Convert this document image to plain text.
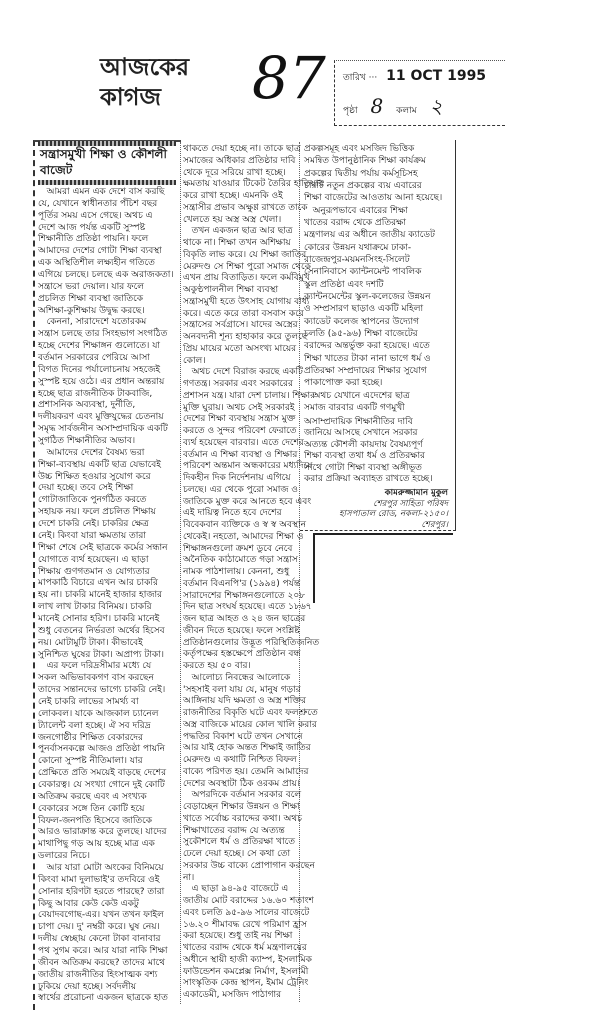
আজকের কাগজ	87 তারিখ ··· 11 OCT 1995
পৃষ্ঠা 8 কলাম ২
সন্ত্রাসমুখী শিক্ষা ও কৌশলী
বাজেট
আমরা এমন এক দেশে বাস করছি
যে, যেখানে স্বাধীনতার পঁচিশ বছর
পূর্তির সময় এসে গেছে। অথচ এ
দেশে আজ পর্যন্ত একটি সুস্পষ্ট
শিক্ষানীতি প্রতিষ্ঠা পায়নি। ফলে
আমাদের দেশের গোটা শিক্ষা ব্যবস্থা
এক অস্থিতিশীল লক্ষ্যহীন গতিতে
এগিয়ে চলছে। চলছে এক অরাজকতা।
সন্ত্রাসে ভরা দেয়াল। যার ফলে
প্রচলিত শিক্ষা ব্যবস্থা জাতিকে
অশিক্ষা-কুশিক্ষায় উদ্বুদ্ধ করছে।
কেননা, সারাদেশে যতোরকম
সন্ত্রাস চলছে তার সিংহভাগ সংগঠিত
হচ্ছে দেশের শিক্ষাঙ্গন গুলোতে। যা
বর্তমান সরকারের পেরিয়ে আসা
বিগত দিনের পর্যালোচনায় সহজেই
সুস্পষ্ট হয়ে ওঠে। এর প্রধান অন্তরায়
হচ্ছে ছাত্র রাজনীতিক টাকবাজি,
প্রশাসনিক অব্যবস্থা, দুর্নীতি,
দলীয়করণ এবং মুক্তিযুদ্ধের চেতনায়
সমৃদ্ধ সার্বজনীন অসাম্প্রদায়িক একটি
সুগঠিত শিক্ষানীতির অভাব।
আমাদের দেশের বৈষম্য ভরা
শিক্ষা-ব্যবস্থায় একটি ছাত্র যেভাবেই
উচ্চ শিক্ষিত হওয়ার সুযোগ করে
দেয়া হচ্ছে। তবে সেই শিক্ষা
গোটাজাতিকে পুনর্গঠিত করতে
সহায়ক নয়। ফলে প্রচলিত শিক্ষায়
দেশে চাকরি নেই। চাকরির ক্ষেত্র
নেই। কিংবা যারা ক্ষমতায় তারা
শিক্ষা শেষে সেই ছাত্রকে কর্মের সন্ধান
যোগাতে ব্যর্থ হয়েছেন। এ ছাড়া
শিক্ষায় গুণগতমান ও যোগ্যতার
মাপকাঠি বিচারে এখন আর চাকরি
হয় না। চাকরি মানেই হাজার হাজার
লাখ লাখ টাকার বিনিময়। চাকরি
মানেই সোনার হরিণ। চাকরি মানেই
শুধু বেতনের নির্ভরতা অর্থের হিসেব
নয়। মোটামুটি টাকা। কীভাবেই
সুনিশ্চিত ঘুষের টাকা। অপ্রাপ্য টাকা।
এর ফলে দরিদ্রসীমার মধ্যে যে
সকল অভিভাবকগণ বাস করছেন
তাদের সন্তানদের ভাগ্যে চাকরি নেই।
নেই চাকরি লাভের সামর্থ্য বা
লোকবল। যাকে আজকাল চ্যানেল
ট্যালেন্ট বলা হচ্ছে। ঐ সব দরিদ্র
জনগোষ্ঠীর শিক্ষিত বেকারদের
পুনর্বাসনকল্পে আজও প্রতিষ্ঠা পায়নি
কোনো সুস্পষ্ট নীতিমালা। যার
প্রেক্ষিতে প্রতি সময়েই বাড়ছে দেশের
বেকারত্ব। যে সংখ্যা গোনে দুই কোটি
অতিক্রম করছে এবং এ সংখ্যক
বেকারের সঙ্গে তিন কোটি হয়ে
বিফল-জনপতি হিসেবে জাতিকে
আরও ভারাক্রান্ত করে তুলছে। যাদের
মাথাপিছু গড় আয় হচ্ছে মাত্র এক
ডলারের নিচে।
আর যারা মোটা অংকের বিনিময়ে
কিংবা মামা দুলাভাই'র তদবিরে ওই
সোনার হরিণটা হরতে পারছে? তারা
কিছু আবার কেউ কেউ একটু
বেয়াদবগোছ-এর। যখন তখন ফাইল
চাপা দেয়। দু' নম্বরী করে। ঘুষ নেয়।
দলীয় স্বেচ্ছায় কেনো টাকা বানাবার
পথ সুগম করে। আর যারা নাকি শিক্ষা
জীবন অতিক্রম করছে? তাদের মাথে
জাতীয় রাজনীতির হিংসাত্মক বশ্য
ঢুকিয়ে দেয়া হচ্ছে। সর্বদলীয়
স্বার্থের প্ররোচনা একজন ছাত্রকে হাত
থাকতে দেয়া হচ্ছে না। তাকে ছাত্র
সমাজের অধিকার প্রতিষ্ঠার দাবি
থেকে দূরে সরিয়ে রাখা হচ্ছে।
ক্ষমতায় যাওয়ার টিকেট তৈরির হাতিয়ার
করে রাখা হচ্ছে। এমনকি ওই
সন্ত্রাসীর প্রভাব অক্ষুণ্ণ রাখতে তাকে
খেলতে হয় অস্ত্র অস্ত্র খেলা।
তখন একজন ছাত্র আর ছাত্র
থাকে না। শিক্ষা তখন অশিক্ষায়
বিকৃতি লাভ করে। যে শিক্ষা জাতির
মেরুদণ্ড সে শিক্ষা পুরো সমাজ থেকে
এখন প্রায় বিতাড়িত। ফলে কর্মবিমুখ
অকুণ্ঠপালনীল শিক্ষা ব্যবস্থা
সন্ত্রাসমুখী হতে উৎসাহ যোগায় বাধ্য
করে। এতে করে তারা বসবাস করে
সন্ত্রাসের সর্বগ্রাসে। যাদের অস্ত্রের
অনবদ্যনী শূন্য হাহাকার করে তুলছে
প্রিয় মায়ের মতো অসংখ্য মায়ের
কোল।
অথচ দেশে বিরাজ করছে একটি
গণতন্ত্র। সরকার এবং সরকারের
প্রশাসন যন্ত্র। যারা দেশ চালায়। শিক্ষার
মুক্তি ঘুরায়। অথচ সেই সরকারই
দেশের শিক্ষা ব্যবস্থায় সন্ত্রাস মুক্ত
করতে ও সুন্দর পরিবেশ ফেরাতে
ব্যর্থ হয়েছেন বারবার। এতে দেশের
বর্তমান এ শিক্ষা ব্যবস্থা ও শিক্ষার
পরিবেশ অন্তমান অন্ধকারের মধ্যদিয়ে
দিকহীন দিক নির্দেশনায় এগিয়ে
চলছে। এর থেকে পুরো সমাজ ও
জাতিকে মুক্ত করে আনতে হবে এবং
এই দায়িত্ব নিতে হবে দেশের
বিবেকবান ব্যক্তিকে ও স্ব স্ব অবস্থান
থেকেই। নহতো, আমাদের শিক্ষা ও
শিক্ষাঙ্গনগুলো ক্রমশ ডুবে নেবে
অনৈতিক কাঠামোতে গড়া সন্ত্রাস
নামক পাঠশালায়। কেননা, শুধু
বর্তমান বিএনপি'র (১৯৯৪) পর্যন্ত
সারাদেশের শিক্ষাঙ্গনগুলোতে ২০৮
দিন ছাত্র সংঘর্ষ হয়েছে। এতে ১৮৬৭
জন ছাত্র আহত ও ২৪ জন ছাত্রের
জীবন দিতে হয়েছে। ফলে সংশ্লিষ্ট
প্রতিষ্ঠানগুলোর উদ্ভূত পরিস্থিতিজনিত
কর্তৃপক্ষের হস্তক্ষেপে প্রতিষ্ঠান বন্ধ
করতে হয় ৫০ বার।
আলোচ্য নিবন্ধের আলোকে
'সহসাই বলা যায় যে, মানুষ গড়ার
আঙ্গিনায় যদি ক্ষমতা ও অস্ত্র শক্তির
রাজনীতির বিকৃতি ঘটে এবং ফলশ্রুতে
অস্ত্র বাজিকে মায়ের কোল খালি করার
পদ্ধতির বিকাশ ঘটে তখন সেখানে
আর যাই হোক অন্তত শিক্ষাই জাতির
মেরুদণ্ড এ কথাটি নিশ্চিত বিফল
বাক্যে পরিণত হয়। তেমনি আমাদের
দেশের অবস্থাটা ঠিক ওরকম প্রায়।
অপরদিকে বর্তমান সরকার বলে
বেড়াচ্ছেন শিক্ষার উন্নয়ন ও শিক্ষা
খাতে সর্বোচ্চ বরাদ্দের কথা। অথচ
শিক্ষাখাতের বরাদ্দ যে অত্যন্ত
সুকৌশলে ধর্ম ও প্রতিরক্ষা খাতে
ঢেলে দেয়া হচ্ছে। সে কথা তো
সরকার উচ্চ বাক্যে প্রোপাগান করছেন
না।
এ ছাড়া ৯৪-৯৫ বাজেটে এ
জাতীয় মোট বরাদ্দের ১৬.৬০ শতাংশ
এবং চলতি ৯৫-৯৬ সালের বাজেটে
১৬.২০ শীমাবদ্ধ রেখে পরিমাণ হ্রাস
করা হয়েছে। শুধু তাই নয় শিক্ষা
খাতের বরাদ্দ থেকে ধর্ম মন্ত্রণালয়ের
অধীনে স্থায়ী হাজী ক্যাম্প, ইসলামিক
ফাউন্ডেশন কমপ্লেক্স নির্মাণ, ইসলামী
সাংস্কৃতিক কেন্দ্র স্থাপন, ইমাম ট্রেনিং
একাডেমী, মসজিদ পাঠাগার
প্রকল্পসমূহ এবং মসজিদ ভিত্তিক
সমন্বিত উপানুষ্ঠানিক শিক্ষা কার্যক্রম
প্রকল্পের দ্বিতীয় পর্যায় কর্মসূচিসহ
চারটি নতুন প্রকল্পের ব্যয় এবারের
শিক্ষা বাজেটের আওতায় আনা হয়েছে।
অনুরূপভাবে এবারের শিক্ষা
খাতের বরাদ্দ থেকে প্রতিরক্ষা
মন্ত্রণালয় এর অধীনে জাতীয় ক্যাডেট
কোরের উন্নয়ন যথাক্রমে ঢাকা-
রাজেন্দ্রপুর-ময়মনসিংহ-সিলেট
সেনানিবাসে ক্যান্টনমেন্ট পাবলিক
স্কুল প্রতিষ্ঠা এবং দশটি
ক্যান্টনমেন্টের স্কুল-কলেজের উন্নয়ন
ও সম্প্রসারণ ছাড়াও একটি মহিলা
ক্যাডেট কলেজ স্থাপনের উদ্যোগ
চলতি (৯৫-৯৬) শিক্ষা বাজেটের
বরাদ্দের অন্তর্ভুক্ত করা হয়েছে। এতে
শিক্ষা খাতের টাকা নানা ভাগে ধর্ম ও
প্রতিরক্ষা সম্প্রদায়ের শিক্ষার সুযোগ
পাকাপোক্ত করা হচ্ছে।
অথচ যেখানে এদেশের ছাত্র
সমাজ বারবার একটি গণমুখী
অসাম্প্রদায়িক শিক্ষানীতির দাবি
জানিয়ে আসছে সেখানে সরকার
অত্যন্ত কৌশলী কায়দায় বৈষম্যপূর্ণ
শিক্ষা ব্যবস্থা তথা ধর্ম ও প্রতিরক্ষার
সাথে গোটা শিক্ষা ব্যবস্থা অঙ্গীভূত
করার প্রক্রিয়া অব্যাহত রাখতে হচ্ছে।
কামরুজ্জামান মুকুল
শেরপুর সাহিত্য পরিষদ
হাসপাতাল রোড, নকলা-২১৫০।
শেরপুর।
